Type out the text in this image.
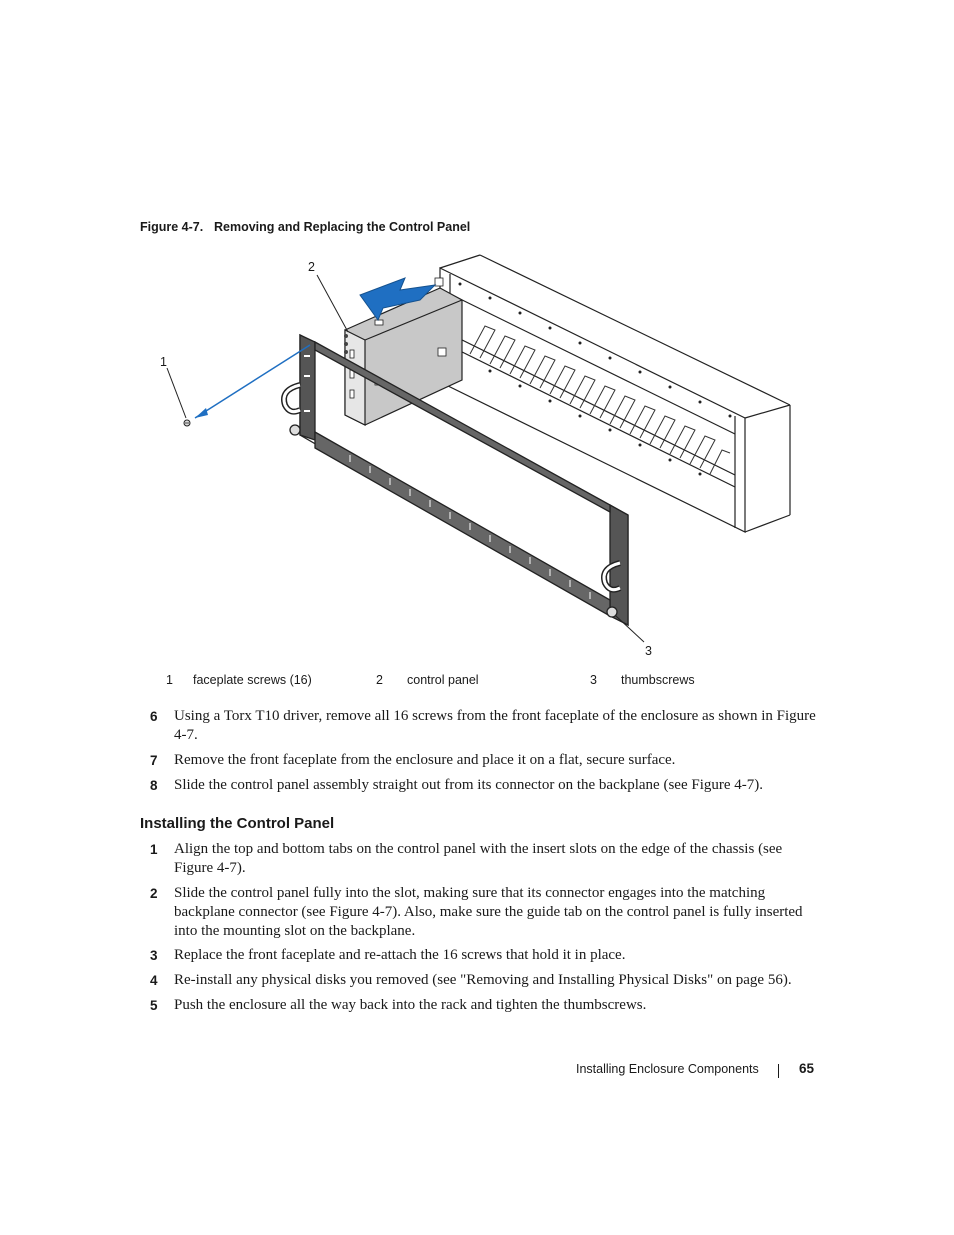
Figure 4-7. Removing and Replacing the Control Panel
1
2
3
1 faceplate screws (16)	2 control panel	3 thumbscrews
6 Using a Torx T10 driver, remove all 16 screws from the front faceplate of the enclosure as shown in Figure 4-7.
7 Remove the front faceplate from the enclosure and place it on a flat, secure surface.
8 Slide the control panel assembly straight out from its connector on the backplane (see Figure 4-7).
Installing the Control Panel
1 Align the top and bottom tabs on the control panel with the insert slots on the edge of the chassis (see Figure 4-7).
2 Slide the control panel fully into the slot, making sure that its connector engages into the matching backplane connector (see Figure 4-7). Also, make sure the guide tab on the control panel is fully inserted into the mounting slot on the backplane.
3 Replace the front faceplate and re-attach the 16 screws that hold it in place.
4 Re-install any physical disks you removed (see "Removing and Installing Physical Disks" on page 56).
5 Push the enclosure all the way back into the rack and tighten the thumbscrews.
Installing Enclosure Components	65
